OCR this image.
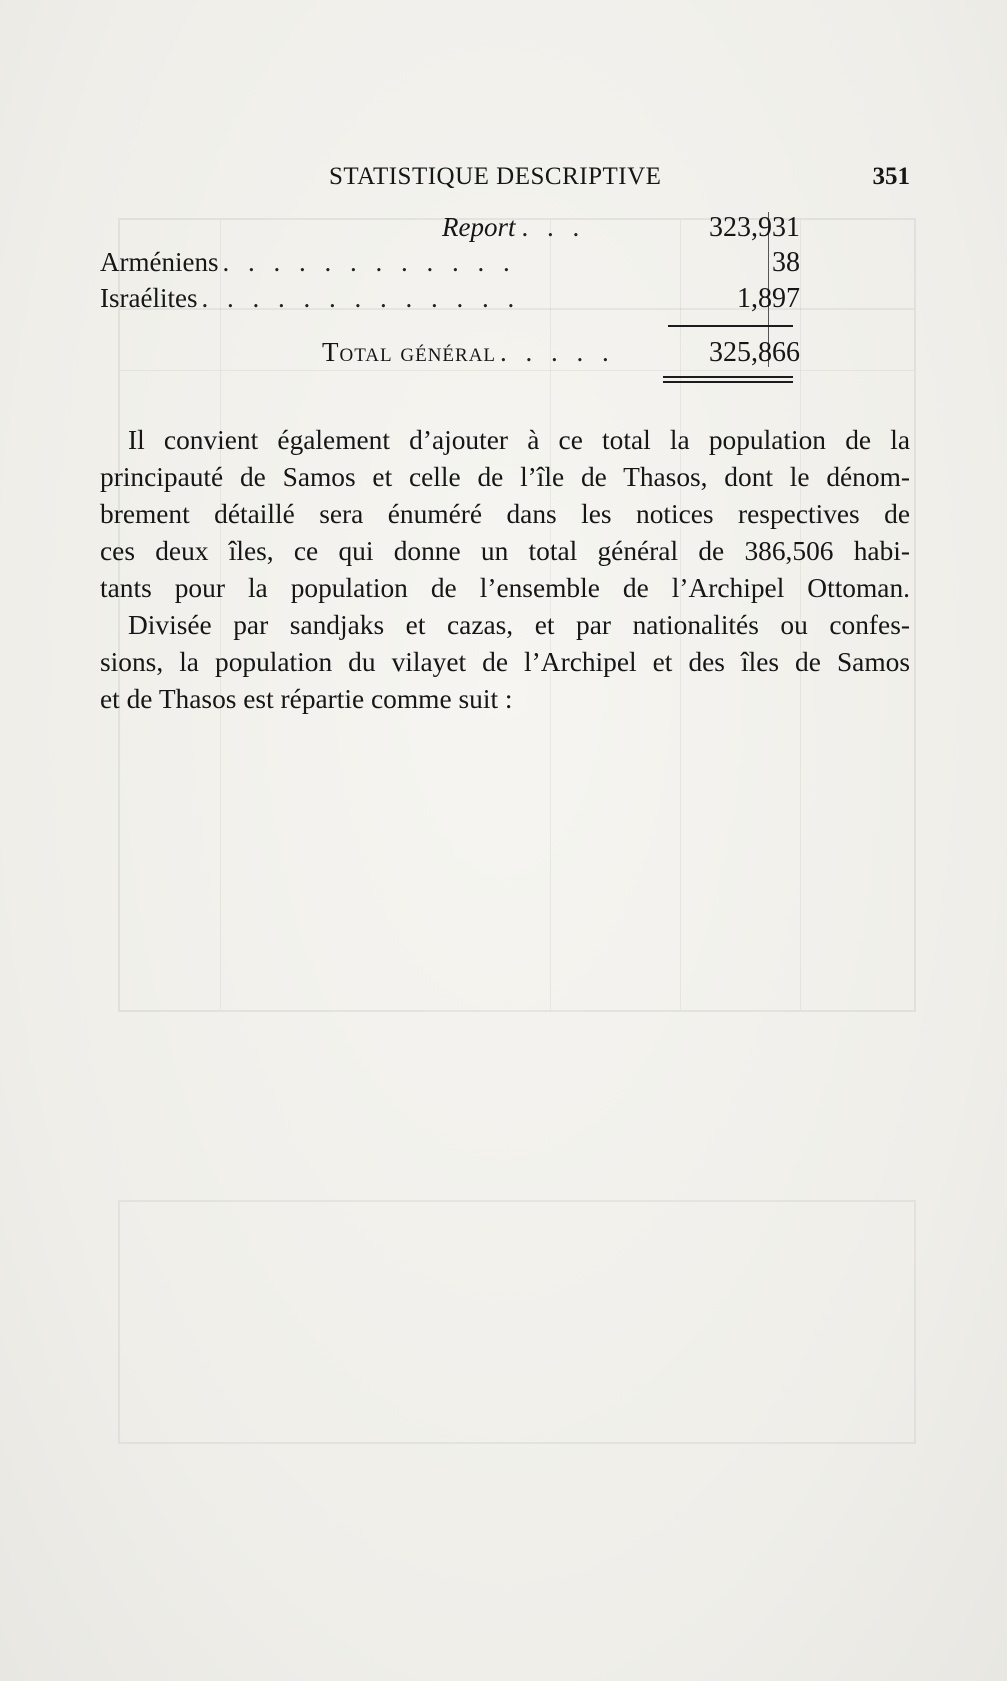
STATISTIQUE DESCRIPTIVE	351
Report . . .	323,931
Arméniens . . . . . . . . . . . .	38
Israélites . . . . . . . . . . . . .	1,897
Total général . . . . .	325,866
Il convient également d’ajouter à ce total la population de la
principauté de Samos et celle de l’île de Thasos, dont le dénom-
brement détaillé sera énuméré dans les notices respectives de
ces deux îles, ce qui donne un total général de 386,506 habi-
tants pour la population de l’ensemble de l’Archipel Ottoman.
Divisée par sandjaks et cazas, et par nationalités ou confes-
sions, la population du vilayet de l’Archipel et des îles de Samos
et de Thasos est répartie comme suit :
